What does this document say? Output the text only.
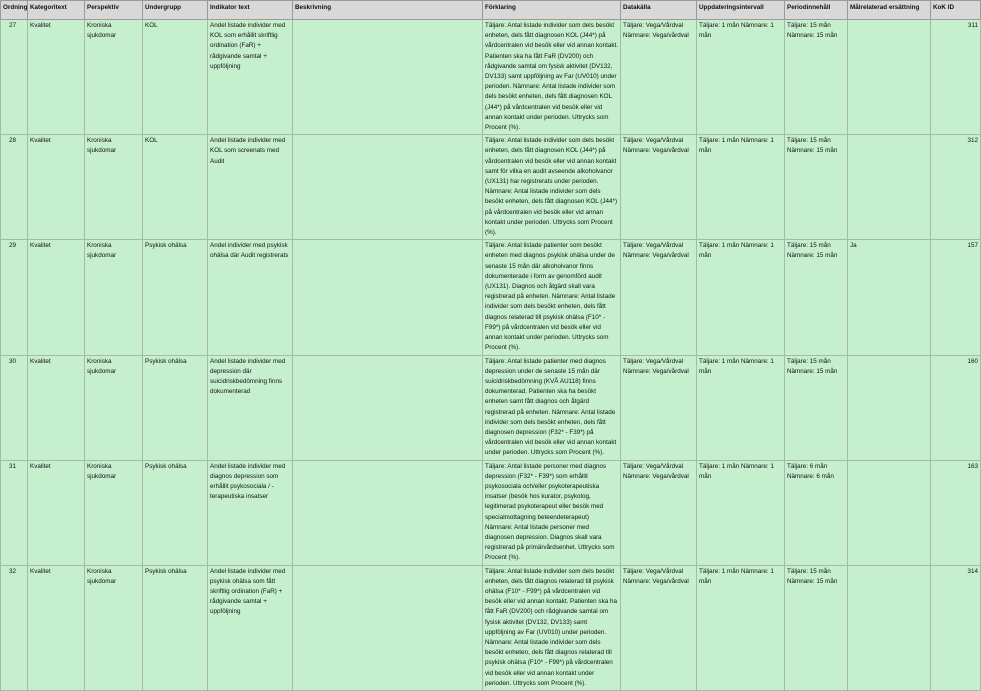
Ordning	Kategoritext	Perspektiv	Undergrupp	Indikator text	Beskrivning	Förklaring	Datakälla	Uppdateringsintervall	Periodinnehåll	Målrelaterad ersättning	KoK ID
27	Kvalitet	Kroniska sjukdomar	KOL	Andel listade individer med KOL som erhållit skriftlig ordination (FaR) + rådgivande samtal + uppföljning		Täljare: Antal listade individer som dels besökt enheten, dels fått diagnosen KOL (J44*) på vårdcentralen vid besök eller vid annan kontakt. Patienten ska ha fått FaR (DV200) och rådgivande samtal om fysisk aktivitet (DV132, DV133) samt uppföljning av Far (UV010) under perioden. Nämnare: Antal listade individer som dels besökt enheten, dels fått diagnosen KOL (J44*) på vårdcentralen vid besök eller vid annan kontakt under perioden. Uttrycks som Procent (%).	Täljare: Vega/Vårdval Nämnare: Vega/vårdval	Täljare: 1 mån Nämnare: 1 mån	Täljare: 15 mån Nämnare: 15 mån		311
28	Kvalitet	Kroniska sjukdomar	KOL	Andel listade individer med KOL som screenats med Audit		Täljare: Antal listade individer som dels besökt enheten, dels fått diagnosen KOL (J44*) på vårdcentralen vid besök eller vid annan kontakt samt för vilka en audit avseende alkoholvanor (UX131) har registrerats under perioden. Nämnare: Antal listade individer som dels besökt enheten, dels fått diagnosen KOL (J44*) på vårdcentralen vid besök eller vid annan kontakt under perioden. Uttrycks som Procent (%).	Täljare: Vega/Vårdval Nämnare: Vega/vårdval	Täljare: 1 mån Nämnare: 1 mån	Täljare: 15 mån Nämnare: 15 mån		312
29	Kvalitet	Kroniska sjukdomar	Psykisk ohälsa	Andel individer med psykisk ohälsa där Audit registrerats		Täljare: Antal listade patienter som besökt enheten med diagnos psykisk ohälsa under de senaste 15 mån där alkoholvanor finns dokumenterade i form av genomförd audit (UX131). Diagnos och åtgärd skall vara registrerad på enheten. Nämnare: Antal listade individer som dels besökt enheten, dels fått diagnos relaterad till psykisk ohälsa (F10* - F99*) på vårdcentralen vid besök eller vid annan kontakt under perioden. Uttrycks som Procent (%).	Täljare: Vega/Vårdval Nämnare: Vega/vårdval	Täljare: 1 mån Nämnare: 1 mån	Täljare: 15 mån Nämnare: 15 mån	Ja	157
30	Kvalitet	Kroniska sjukdomar	Psykisk ohälsa	Andel listade individer med depression där suicidriskbedömning finns dokumenterad		Täljare: Antal listade patienter med diagnos depression under de senaste 15 mån där suicidriskbedömning (KVÅ AU118) finns dokumenterad. Patienten ska ha besökt enheten samt fått diagnos och åtgärd registrerad på enheten. Nämnare: Antal listade individer som dels besökt enheten, dels fått diagnosen depression (F32* - F39*) på vårdcentralen vid besök eller vid annan kontakt under perioden. Uttrycks som Procent (%).	Täljare: Vega/Vårdval Nämnare: Vega/vårdval	Täljare: 1 mån Nämnare: 1 mån	Täljare: 15 mån Nämnare: 15 mån		160
31	Kvalitet	Kroniska sjukdomar	Psykisk ohälsa	Andel listade individer med diagnos depression som erhållit psykosociala / -terapeutiska insatser		Täljare: Antal listade personer med diagnos depression (F32* - F39*) som erhållit psykosociala och/eller psykoterapeutiska insatser (besök hos kurator, psykolog, legitimerad psykoterapeut eller besök med specialmottagning beteendeterapeut) Nämnare: Antal listade personer med diagnosen depression. Diagnos skall vara registrerad på primärvårdsenhet. Uttrycks som Procent (%).	Täljare: Vega/Vårdval Nämnare: Vega/vårdval	Täljare: 1 mån Nämnare: 1 mån	Täljare: 6 mån Nämnare: 6 mån		163
32	Kvalitet	Kroniska sjukdomar	Psykisk ohälsa	Andel listade individer med psykisk ohälsa som fått skriftlig ordination (FaR) + rådgivande samtal + uppföljning		Täljare: Antal listade individer som dels besökt enheten, dels fått diagnos relaterad till psykisk ohälsa (F10* - F99*) på vårdcentralen vid besök eller vid annan kontakt. Patienten ska ha fått FaR (DV200) och rådgivande samtal om fysisk aktivitet (DV132, DV133) samt uppföljning av Far (UV010) under perioden. Nämnare: Antal listade individer som dels besökt enheten, dels fått diagnos relaterad till psykisk ohälsa (F10* - F99*) på vårdcentralen vid besök eller vid annan kontakt under perioden. Uttrycks som Procent (%).	Täljare: Vega/Vårdval Nämnare: Vega/vårdval	Täljare: 1 mån Nämnare: 1 mån	Täljare: 15 mån Nämnare: 15 mån		314
